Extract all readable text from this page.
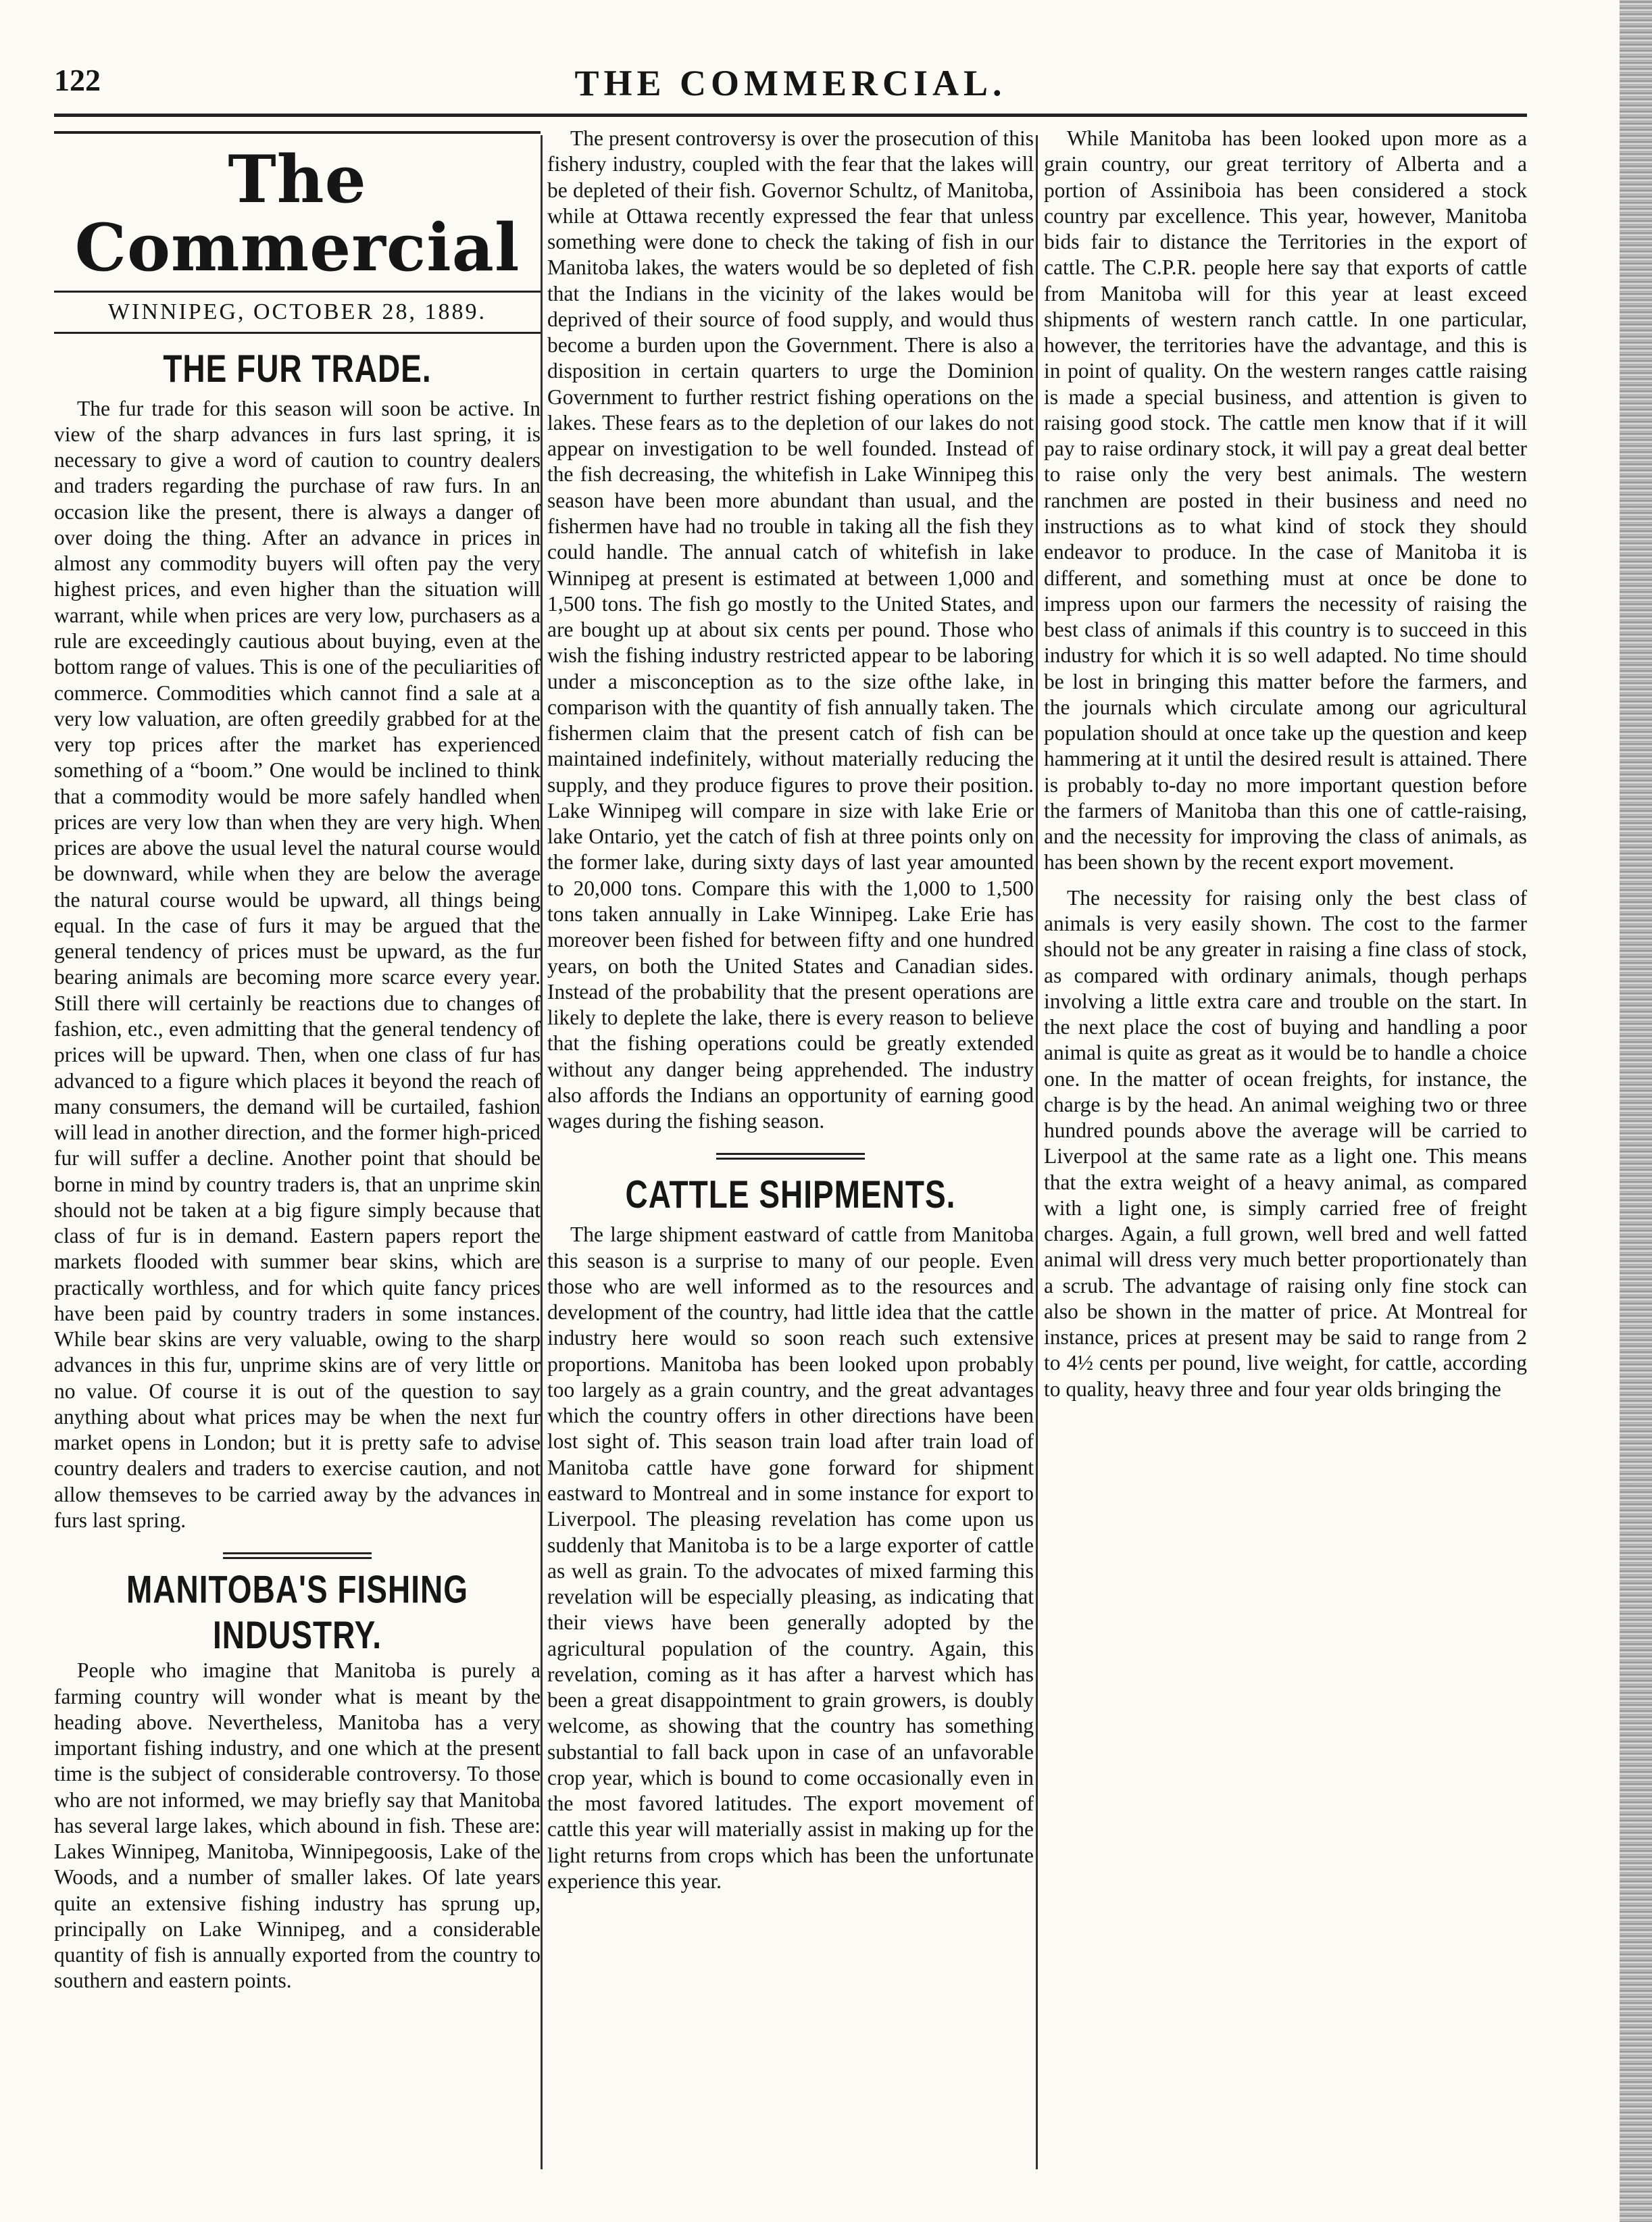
122	THE COMMERCIAL.
The Commercial
WINNIPEG, OCTOBER 28, 1889.
THE FUR TRADE.

The fur trade for this season will soon be active. In view of the sharp advances in furs last spring, it is necessary to give a word of caution to country dealers and traders regarding the purchase of raw furs. In an occasion like the present, there is always a danger of over doing the thing. After an advance in prices in almost any commodity buyers will often pay the very highest prices, and even higher than the situation will warrant, while when prices are very low, purchasers as a rule are exceedingly cautious about buying, even at the bottom range of values. This is one of the peculiarities of commerce. Commodities which cannot find a sale at a very low valuation, are often greedily grabbed for at the very top prices after the market has experienced something of a “boom.” One would be inclined to think that a commodity would be more safely handled when prices are very low than when they are very high. When prices are above the usual level the natural course would be downward, while when they are below the average the natural course would be upward, all things being equal. In the case of furs it may be argued that the general tendency of prices must be upward, as the fur bearing animals are becoming more scarce every year. Still there will certainly be reactions due to changes of fashion, etc., even admitting that the general tendency of prices will be upward. Then, when one class of fur has advanced to a figure which places it beyond the reach of many consumers, the demand will be curtailed, fashion will lead in another direction, and the former high-priced fur will suffer a decline. Another point that should be borne in mind by country traders is, that an unprime skin should not be taken at a big figure simply because that class of fur is in demand. Eastern papers report the markets flooded with summer bear skins, which are practically worthless, and for which quite fancy prices have been paid by country traders in some instances. While bear skins are very valuable, owing to the sharp advances in this fur, unprime skins are of very little or no value. Of course it is out of the question to say anything about what prices may be when the next fur market opens in London; but it is pretty safe to advise country dealers and traders to exercise caution, and not allow themseves to be carried away by the advances in furs last spring.

MANITOBA'S FISHING INDUSTRY.

People who imagine that Manitoba is purely a farming country will wonder what is meant by the heading above. Nevertheless, Manitoba has a very important fishing industry, and one which at the present time is the subject of considerable controversy. To those who are not informed, we may briefly say that Manitoba has several large lakes, which abound in fish. These are: Lakes Winnipeg, Manitoba, Winnipegoosis, Lake of the Woods, and a number of smaller lakes. Of late years quite an extensive fishing industry has sprung up, principally on Lake Winnipeg, and a considerable quantity of fish is annually exported from the country to southern and eastern points.

The present controversy is over the prosecution of this fishery industry, coupled with the fear that the lakes will be depleted of their fish. Governor Schultz, of Manitoba, while at Ottawa recently expressed the fear that unless something were done to check the taking of fish in our Manitoba lakes, the waters would be so depleted of fish that the Indians in the vicinity of the lakes would be deprived of their source of food supply, and would thus become a burden upon the Government. There is also a disposition in certain quarters to urge the Dominion Government to further restrict fishing operations on the lakes. These fears as to the depletion of our lakes do not appear on investigation to be well founded. Instead of the fish decreasing, the whitefish in Lake Winnipeg this season have been more abundant than usual, and the fishermen have had no trouble in taking all the fish they could handle. The annual catch of whitefish in lake Winnipeg at present is estimated at between 1,000 and 1,500 tons. The fish go mostly to the United States, and are bought up at about six cents per pound. Those who wish the fishing industry restricted appear to be laboring under a misconception as to the size ofthe lake, in comparison with the quantity of fish annually taken. The fishermen claim that the present catch of fish can be maintained indefinitely, without materially reducing the supply, and they produce figures to prove their position. Lake Winnipeg will compare in size with lake Erie or lake Ontario, yet the catch of fish at three points only on the former lake, during sixty days of last year amounted to 20,000 tons. Compare this with the 1,000 to 1,500 tons taken annually in Lake Winnipeg. Lake Erie has moreover been fished for between fifty and one hundred years, on both the United States and Canadian sides. Instead of the probability that the present operations are likely to deplete the lake, there is every reason to believe that the fishing operations could be greatly extended without any danger being apprehended. The industry also affords the Indians an opportunity of earning good wages during the fishing season.

CATTLE SHIPMENTS.

The large shipment eastward of cattle from Manitoba this season is a surprise to many of our people. Even those who are well informed as to the resources and development of the country, had little idea that the cattle industry here would so soon reach such extensive proportions. Manitoba has been looked upon probably too largely as a grain country, and the great advantages which the country offers in other directions have been lost sight of. This season train load after train load of Manitoba cattle have gone forward for shipment eastward to Montreal and in some instance for export to Liverpool. The pleasing revelation has come upon us suddenly that Manitoba is to be a large exporter of cattle as well as grain. To the advocates of mixed farming this revelation will be especially pleasing, as indicating that their views have been generally adopted by the agricultural population of the country. Again, this revelation, coming as it has after a harvest which has been a great disappointment to grain growers, is doubly welcome, as showing that the country has something substantial to fall back upon in case of an unfavorable crop year, which is bound to come occasionally even in the most favored latitudes. The export movement of cattle this year will materially assist in making up for the light returns from crops which has been the unfortunate experience this year.

While Manitoba has been looked upon more as a grain country, our great territory of Alberta and a portion of Assiniboia has been considered a stock country par excellence. This year, however, Manitoba bids fair to distance the Territories in the export of cattle. The C.P.R. people here say that exports of cattle from Manitoba will for this year at least exceed shipments of western ranch cattle. In one particular, however, the territories have the advantage, and this is in point of quality. On the western ranges cattle raising is made a special business, and attention is given to raising good stock. The cattle men know that if it will pay to raise ordinary stock, it will pay a great deal better to raise only the very best animals. The western ranchmen are posted in their business and need no instructions as to what kind of stock they should endeavor to produce. In the case of Manitoba it is different, and something must at once be done to impress upon our farmers the necessity of raising the best class of animals if this country is to succeed in this industry for which it is so well adapted. No time should be lost in bringing this matter before the farmers, and the journals which circulate among our agricultural population should at once take up the question and keep hammering at it until the desired result is attained. There is probably to-day no more important question before the farmers of Manitoba than this one of cattle-raising, and the necessity for improving the class of animals, as has been shown by the recent export movement.

The necessity for raising only the best class of animals is very easily shown. The cost to the farmer should not be any greater in raising a fine class of stock, as compared with ordinary animals, though perhaps involving a little extra care and trouble on the start. In the next place the cost of buying and handling a poor animal is quite as great as it would be to handle a choice one. In the matter of ocean freights, for instance, the charge is by the head. An animal weighing two or three hundred pounds above the average will be carried to Liverpool at the same rate as a light one. This means that the extra weight of a heavy animal, as compared with a light one, is simply carried free of freight charges. Again, a full grown, well bred and well fatted animal will dress very much better proportionately than a scrub. The advantage of raising only fine stock can also be shown in the matter of price. At Montreal for instance, prices at present may be said to range from 2 to 4½ cents per pound, live weight, for cattle, according to quality, heavy three and four year olds bringing the
